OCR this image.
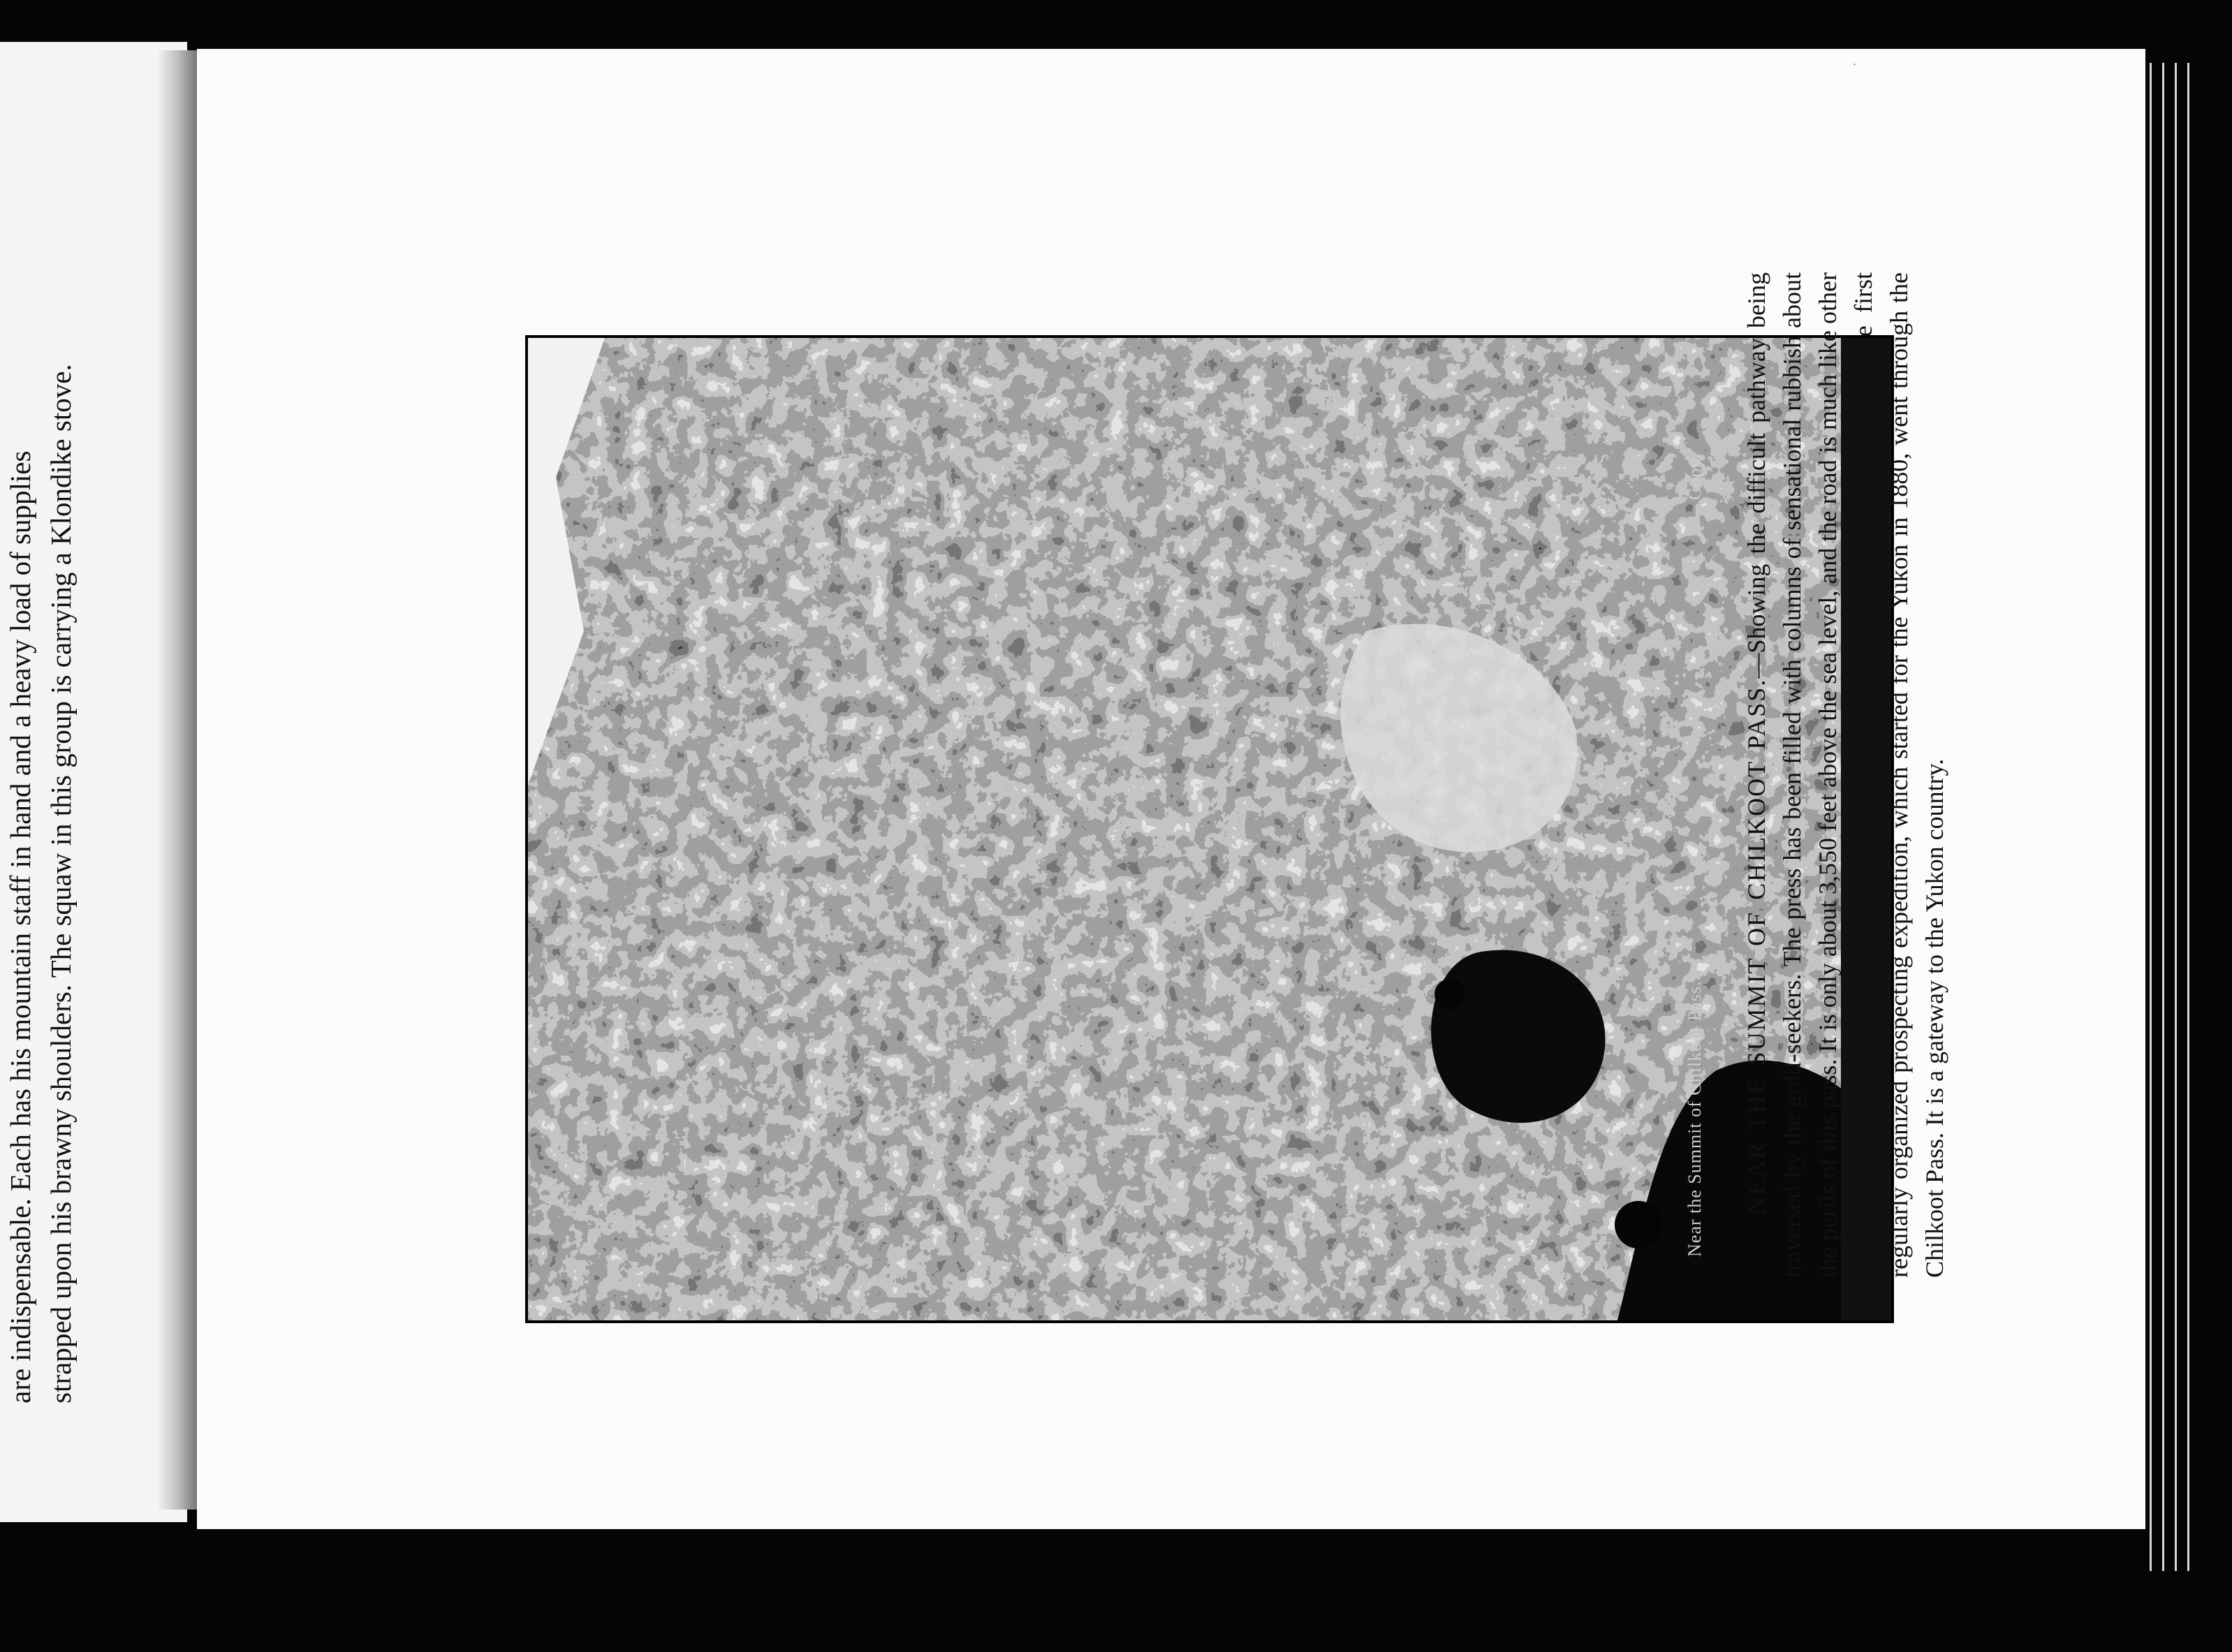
are indispensable. Each has his mountain staff in hand and a heavy load of supplies strapped upon his brawny shoulders. The squaw in this group is carrying a Klondike stove.

·
Near the Summit of Chilkoot Pass.
Copy.

NEAR THE SUMMIT OF CHILKOOT PASS.—Showing the difficult pathway being traversed by the gold-seekers. The press has been filled with columns of sensational rubbish about the perils of this pass. It is only about 3,550 feet above the sea level, and the road is much like other rugged mountain trails, and women and children have often gone over in summer. The first regularly organized prospecting expedition, which started for the Yukon in 1880, went through the Chilkoot Pass. It is a gateway to the Yukon country.
